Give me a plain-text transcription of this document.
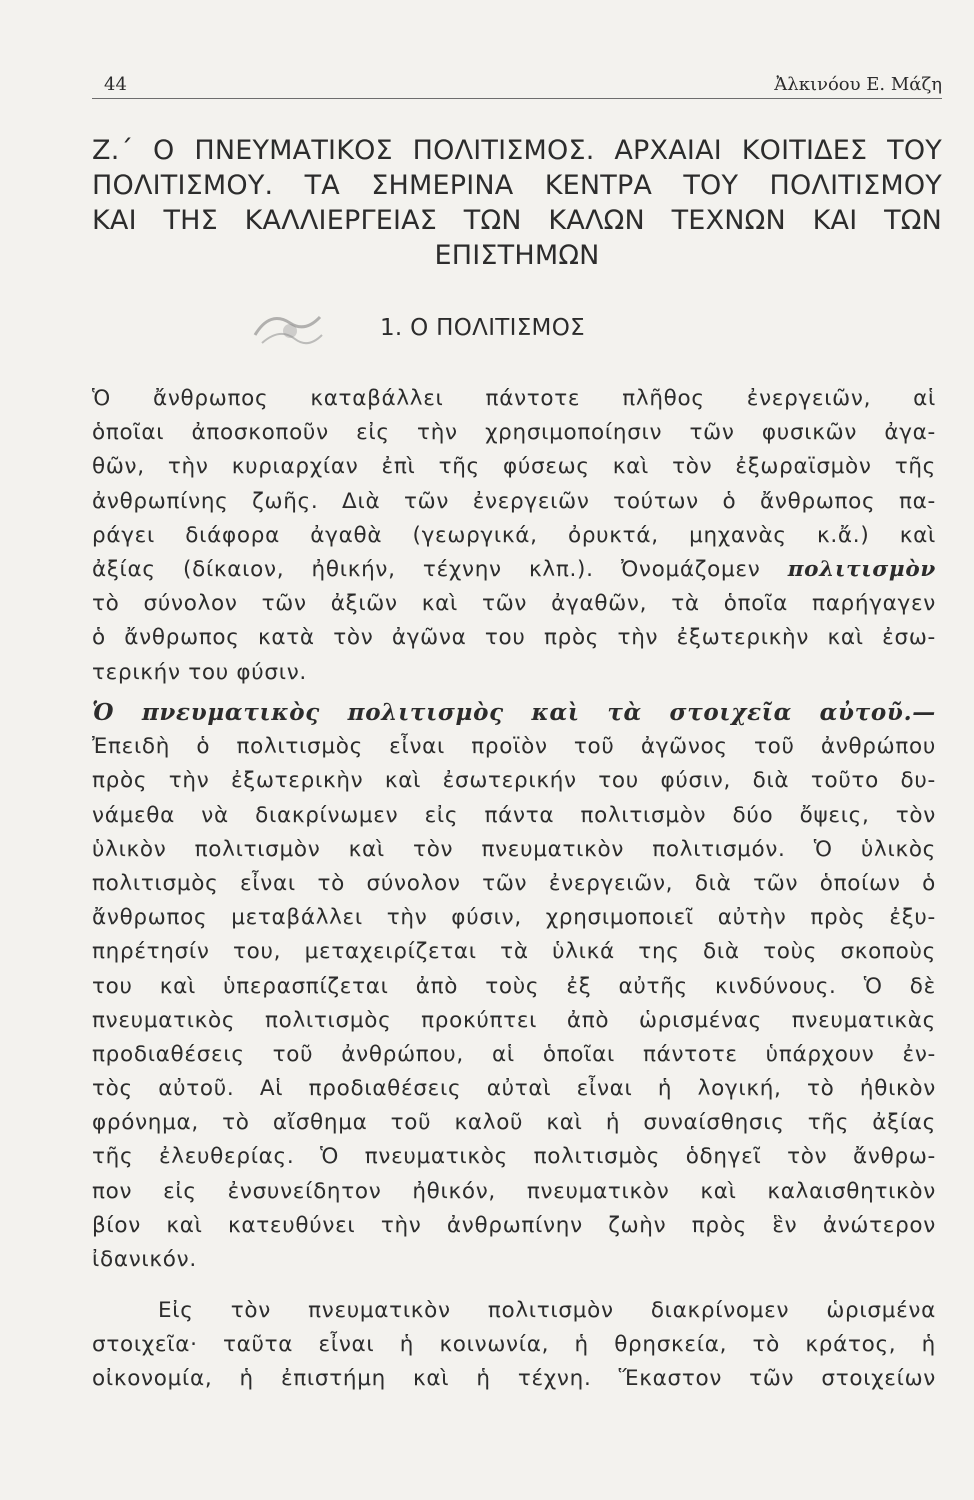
44	Ἀλκινόου Ε. Μάζη
Ζ.΄ Ο ΠΝΕΥΜΑΤΙΚΟΣ ΠΟΛΙΤΙΣΜΟΣ. ΑΡΧΑΙΑΙ ΚΟΙΤΙΔΕΣ ΤΟΥ
ΠΟΛΙΤΙΣΜΟΥ. ΤΑ ΣΗΜΕΡΙΝΑ ΚΕΝΤΡΑ ΤΟΥ ΠΟΛΙΤΙΣΜΟΥ
ΚΑΙ ΤΗΣ ΚΑΛΛΙΕΡΓΕΙΑΣ ΤΩΝ ΚΑΛΩΝ ΤΕΧΝΩΝ ΚΑΙ ΤΩΝ
ΕΠΙΣΤΗΜΩΝ
1. Ο ΠΟΛΙΤΙΣΜΟΣ
Ὁ ἄνθρωπος καταβάλλει πάντοτε πλῆθος ἐνεργειῶν, αἱ
ὁποῖαι ἀποσκοποῦν εἰς τὴν χρησιμοποίησιν τῶν φυσικῶν ἀγα-
θῶν, τὴν κυριαρχίαν ἐπὶ τῆς φύσεως καὶ τὸν ἐξωραϊσμὸν τῆς
ἀνθρωπίνης ζωῆς. Διὰ τῶν ἐνεργειῶν τούτων ὁ ἄνθρωπος πα-
ράγει διάφορα ἀγαθὰ (γεωργικά, ὀρυκτά, μηχανὰς κ.ἄ.) καὶ
ἀξίας (δίκαιον, ἠθικήν, τέχνην κλπ.). Ὀνομάζομεν πολιτισμὸν
τὸ σύνολον τῶν ἀξιῶν καὶ τῶν ἀγαθῶν, τὰ ὁποῖα παρήγαγεν
ὁ ἄνθρωπος κατὰ τὸν ἀγῶνα του πρὸς τὴν ἐξωτερικὴν καὶ ἐσω-
τερικήν του φύσιν.
Ὁ πνευματικὸς πολιτισμὸς καὶ τὰ στοιχεῖα αὐτοῦ.—
Ἐπειδὴ ὁ πολιτισμὸς εἶναι προϊὸν τοῦ ἀγῶνος τοῦ ἀνθρώπου
πρὸς τὴν ἐξωτερικὴν καὶ ἐσωτερικήν του φύσιν, διὰ τοῦτο δυ-
νάμεθα νὰ διακρίνωμεν εἰς πάντα πολιτισμὸν δύο ὄψεις, τὸν
ὑλικὸν πολιτισμὸν καὶ τὸν πνευματικὸν πολιτισμόν. Ὁ ὑλικὸς
πολιτισμὸς εἶναι τὸ σύνολον τῶν ἐνεργειῶν, διὰ τῶν ὁποίων ὁ
ἄνθρωπος μεταβάλλει τὴν φύσιν, χρησιμοποιεῖ αὐτὴν πρὸς ἐξυ-
πηρέτησίν του, μεταχειρίζεται τὰ ὑλικά της διὰ τοὺς σκοποὺς
του καὶ ὑπερασπίζεται ἀπὸ τοὺς ἐξ αὐτῆς κινδύνους. Ὁ δὲ
πνευματικὸς πολιτισμὸς προκύπτει ἀπὸ ὡρισμένας πνευματικὰς
προδιαθέσεις τοῦ ἀνθρώπου, αἱ ὁποῖαι πάντοτε ὑπάρχουν ἐν-
τὸς αὐτοῦ. Αἱ προδιαθέσεις αὐταὶ εἶναι ἡ λογική, τὸ ἠθικὸν
φρόνημα, τὸ αἴσθημα τοῦ καλοῦ καὶ ἡ συναίσθησις τῆς ἀξίας
τῆς ἐλευθερίας. Ὁ πνευματικὸς πολιτισμὸς ὁδηγεῖ τὸν ἄνθρω-
πον εἰς ἐνσυνείδητον ἠθικόν, πνευματικὸν καὶ καλαισθητικὸν
βίον καὶ κατευθύνει τὴν ἀνθρωπίνην ζωὴν πρὸς ἓν ἀνώτερον
ἰδανικόν.
Εἰς τὸν πνευματικὸν πολιτισμὸν διακρίνομεν ὡρισμένα
στοιχεῖα· ταῦτα εἶναι ἡ κοινωνία, ἡ θρησκεία, τὸ κράτος, ἡ
οἰκονομία, ἡ ἐπιστήμη καὶ ἡ τέχνη. Ἕκαστον τῶν στοιχείων
